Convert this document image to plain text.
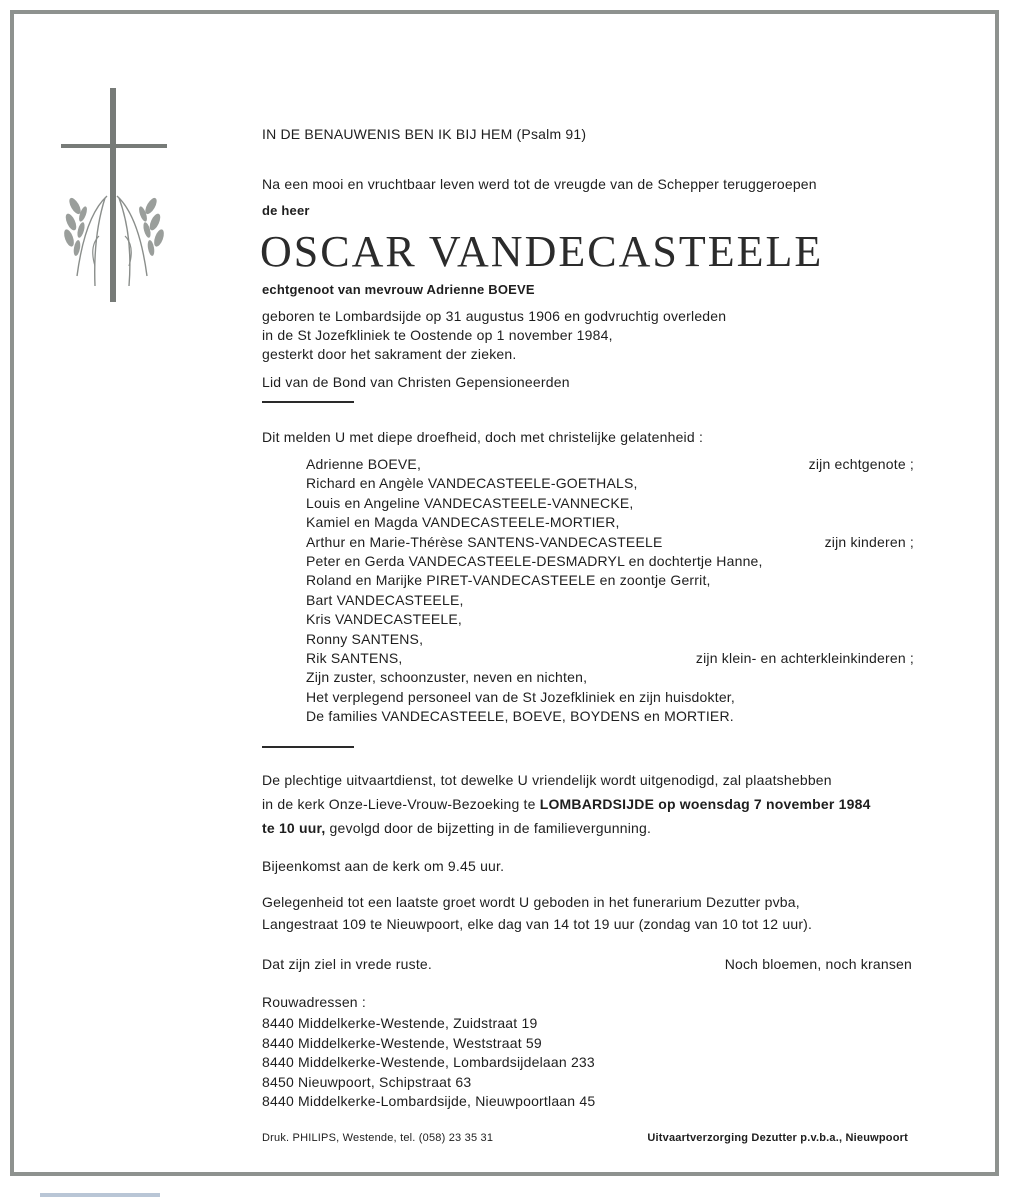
IN DE BENAUWENIS BEN IK BIJ HEM (Psalm 91)
Na een mooi en vruchtbaar leven werd tot de vreugde van de Schepper teruggeroepen
de heer
OSCAR VANDECASTEELE
echtgenoot van mevrouw Adrienne BOEVE
geboren te Lombardsijde op 31 augustus 1906 en godvruchtig overleden
in de St Jozefkliniek te Oostende op 1 november 1984,
gesterkt door het sakrament der zieken.
Lid van de Bond van Christen Gepensioneerden
Dit melden U met diepe droefheid, doch met christelijke gelatenheid :
Adrienne BOEVE,	zijn echtgenote ;
Richard en Angèle VANDECASTEELE-GOETHALS,
Louis en Angeline VANDECASTEELE-VANNECKE,
Kamiel en Magda VANDECASTEELE-MORTIER,
Arthur en Marie-Thérèse SANTENS-VANDECASTEELE	zijn kinderen ;
Peter en Gerda VANDECASTEELE-DESMADRYL en dochtertje Hanne,
Roland en Marijke PIRET-VANDECASTEELE en zoontje Gerrit,
Bart VANDECASTEELE,
Kris VANDECASTEELE,
Ronny SANTENS,
Rik SANTENS,	zijn klein- en achterkleinkinderen ;
Zijn zuster, schoonzuster, neven en nichten,
Het verplegend personeel van de St Jozefkliniek en zijn huisdokter,
De families VANDECASTEELE, BOEVE, BOYDENS en MORTIER.
De plechtige uitvaartdienst, tot dewelke U vriendelijk wordt uitgenodigd, zal plaatshebben
in de kerk Onze-Lieve-Vrouw-Bezoeking te LOMBARDSIJDE op woensdag 7 november 1984
te 10 uur, gevolgd door de bijzetting in de familievergunning.
Bijeenkomst aan de kerk om 9.45 uur.
Gelegenheid tot een laatste groet wordt U geboden in het funerarium Dezutter pvba,
Langestraat 109 te Nieuwpoort, elke dag van 14 tot 19 uur (zondag van 10 tot 12 uur).
Dat zijn ziel in vrede ruste.	Noch bloemen, noch kransen
Rouwadressen :
8440 Middelkerke-Westende, Zuidstraat 19
8440 Middelkerke-Westende, Weststraat 59
8440 Middelkerke-Westende, Lombardsijdelaan 233
8450 Nieuwpoort, Schipstraat 63
8440 Middelkerke-Lombardsijde, Nieuwpoortlaan 45
Druk. PHILIPS, Westende, tel. (058) 23 35 31	Uitvaartverzorging Dezutter p.v.b.a., Nieuwpoort
